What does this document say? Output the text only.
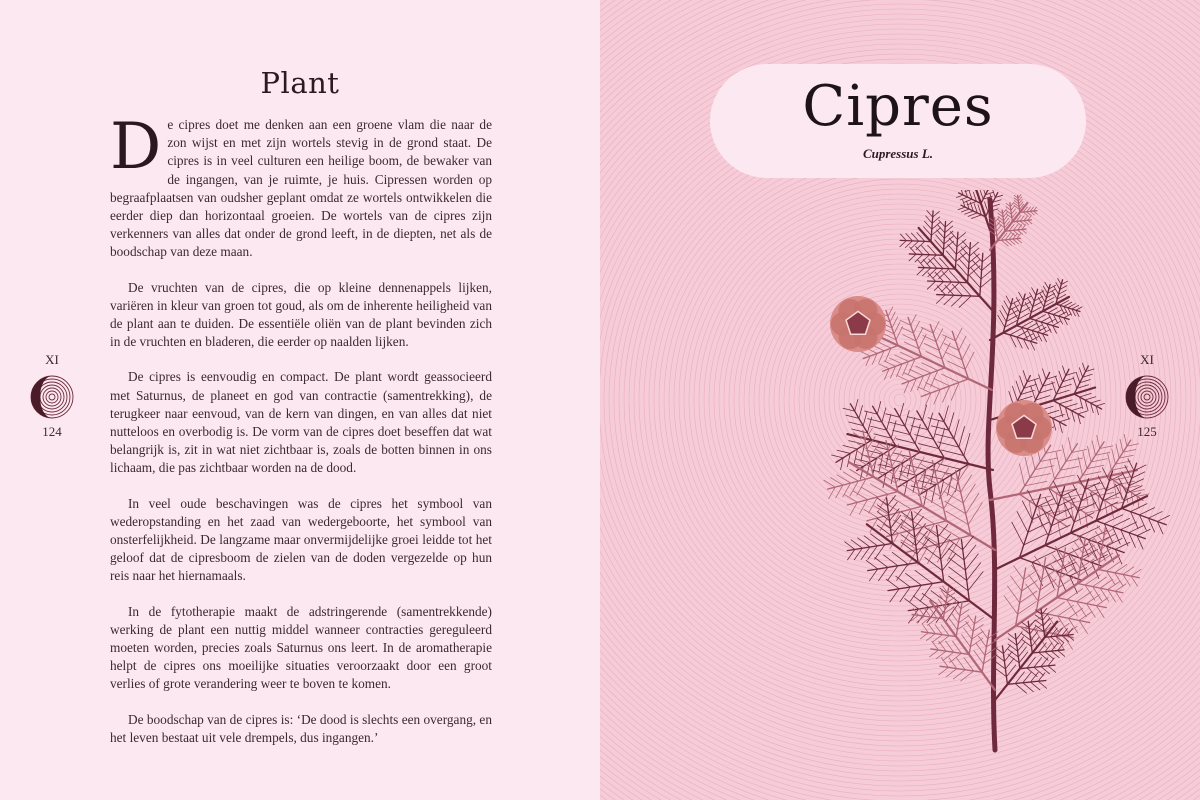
Plant

De cipres doet me denken aan een groene vlam die naar de zon wijst en met zijn wortels stevig in de grond staat. De cipres is in veel culturen een heilige boom, de bewaker van de ingangen, van je ruimte, je huis. Cipressen worden op begraafplaatsen van oudsher geplant omdat ze wortels ontwikkelen die eerder diep dan horizontaal groeien. De wortels van de cipres zijn verkenners van alles dat onder de grond leeft, in de diepten, net als de boodschap van deze maan.

De vruchten van de cipres, die op kleine dennenappels lijken, variëren in kleur van groen tot goud, als om de inherente heiligheid van de plant aan te duiden. De essentiële oliën van de plant bevinden zich in de vruchten en bladeren, die eerder op naalden lijken.

De cipres is eenvoudig en compact. De plant wordt geassocieerd met Saturnus, de planeet en god van contractie (samentrekking), de terugkeer naar eenvoud, van de kern van dingen, en van alles dat niet nutteloos en overbodig is. De vorm van de cipres doet beseffen dat wat belangrijk is, zit in wat niet zichtbaar is, zoals de botten binnen in ons lichaam, die pas zichtbaar worden na de dood.

In veel oude beschavingen was de cipres het symbool van wederopstanding en het zaad van wedergeboorte, het symbool van onsterfelijkheid. De langzame maar onvermijdelijke groei leidde tot het geloof dat de cipresboom de zielen van de doden vergezelde op hun reis naar het hiernamaals.

In de fytotherapie maakt de adstringerende (samentrekkende) werking de plant een nuttig middel wanneer contracties gereguleerd moeten worden, precies zoals Saturnus ons leert. In de aromatherapie helpt de cipres ons moeilijke situaties veroorzaakt door een groot verlies of grote verandering weer te boven te komen.

De boodschap van de cipres is: ‘De dood is slechts een overgang, en het leven bestaat uit vele drempels, dus ingangen.’

XI
124
Cipres
Cupressus L.
XI
125
